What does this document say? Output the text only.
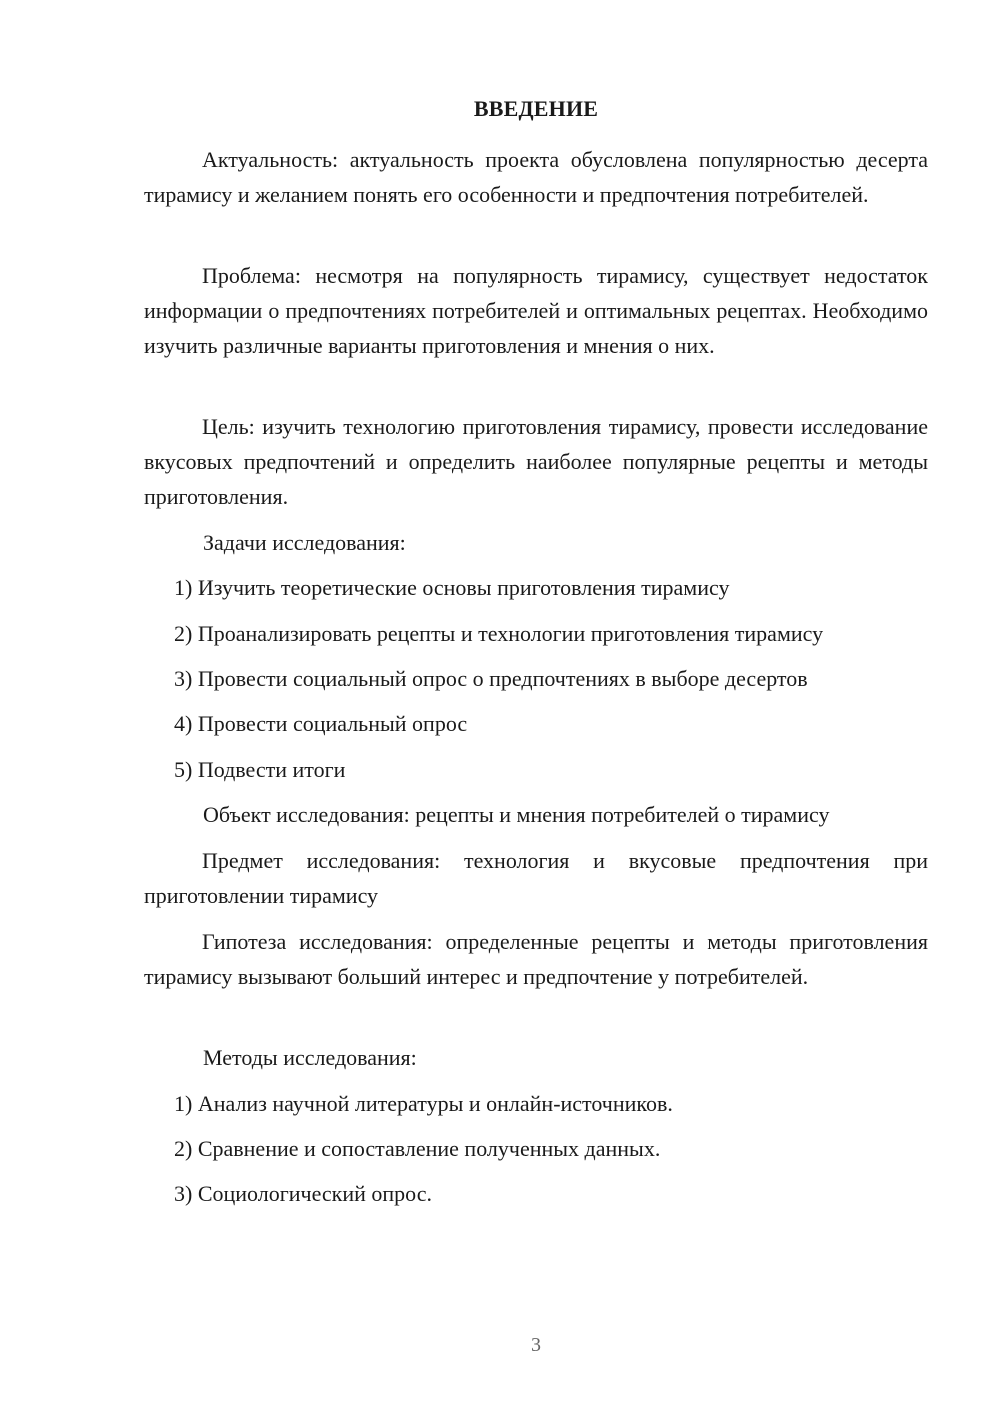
ВВЕДЕНИЕ

Актуальность: актуальность проекта обусловлена популярностью десерта тирамису и желанием понять его особенности и предпочтения потребителей.

Проблема: несмотря на популярность тирамису, существует недостаток информации о предпочтениях потребителей и оптимальных рецептах. Необходимо изучить различные варианты приготовления и мнения о них.

Цель: изучить технологию приготовления тирамису, провести исследование вкусовых предпочтений и определить наиболее популярные рецепты и методы приготовления.

Задачи исследования:

1) Изучить теоретические основы приготовления тирамису

2) Проанализировать рецепты и технологии приготовления тирамису

3) Провести социальный опрос о предпочтениях в выборе десертов

4) Провести социальный опрос

5) Подвести итоги

Объект исследования: рецепты и мнения потребителей о тирамису

Предмет исследования: технология и вкусовые предпочтения при приготовлении тирамису

Гипотеза исследования: определенные рецепты и методы приготовления тирамису вызывают больший интерес и предпочтение у потребителей.

Методы исследования:

1) Анализ научной литературы и онлайн-источников.

2) Сравнение и сопоставление полученных данных.

3) Социологический опрос.

3
